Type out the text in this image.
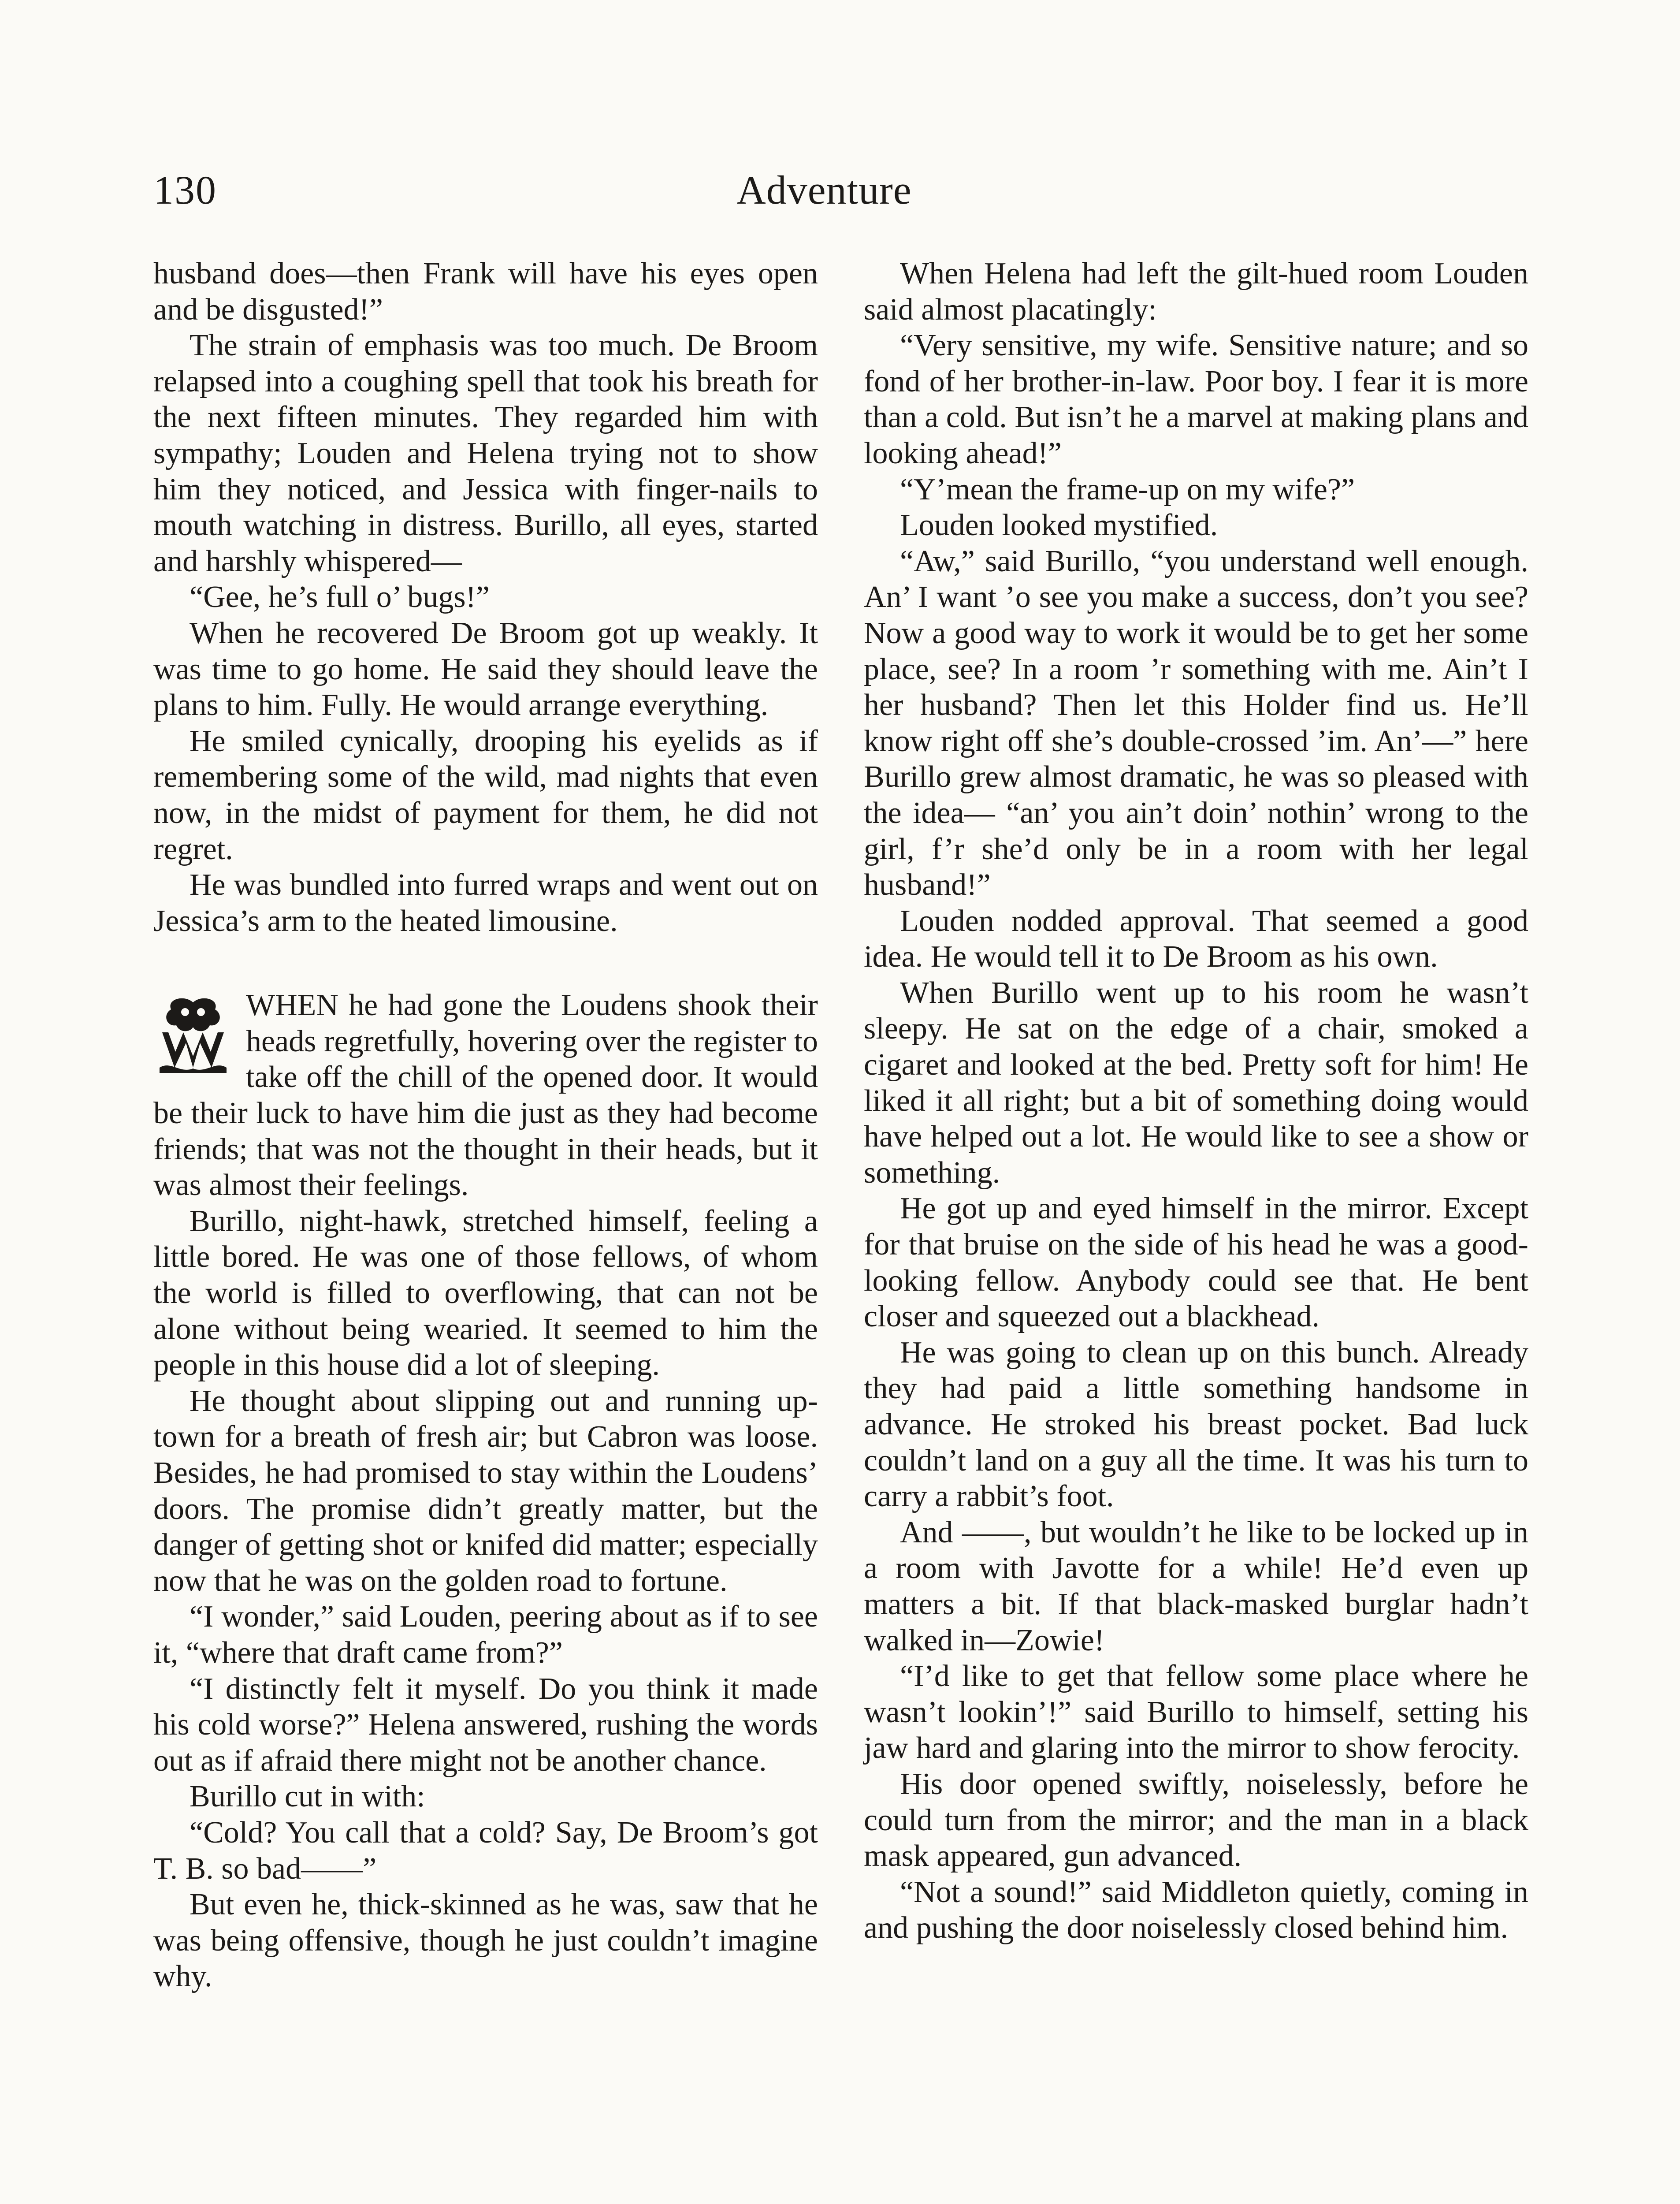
130	Adventure

husband does—then Frank will have his eyes open and be disgusted!”

The strain of emphasis was too much. De Broom relapsed into a coughing spell that took his breath for the next fifteen minutes. They regarded him with sympathy; Louden and Helena trying not to show him they noticed, and Jessica with finger-nails to mouth watching in distress. Burillo, all eyes, started and harshly whispered—

“Gee, he’s full o’ bugs!”

When he recovered De Broom got up weakly. It was time to go home. He said they should leave the plans to him. Fully. He would arrange everything.

He smiled cynically, drooping his eyelids as if remembering some of the wild, mad nights that even now, in the midst of payment for them, he did not regret.

He was bundled into furred wraps and went out on Jessica’s arm to the heated limousine.

WHEN he had gone the Loudens shook their heads regretfully, hovering over the register to take off the chill of the opened door. It would be their luck to have him die just as they had become friends; that was not the thought in their heads, but it was almost their feelings.

Burillo, night-hawk, stretched himself, feeling a little bored. He was one of those fellows, of whom the world is filled to overflowing, that can not be alone without being wearied. It seemed to him the people in this house did a lot of sleeping.

He thought about slipping out and running up-town for a breath of fresh air; but Cabron was loose. Besides, he had promised to stay within the Loudens’ doors. The promise didn’t greatly matter, but the danger of getting shot or knifed did matter; especially now that he was on the golden road to fortune.

“I wonder,” said Louden, peering about as if to see it, “where that draft came from?”

“I distinctly felt it myself. Do you think it made his cold worse?” Helena answered, rushing the words out as if afraid there might not be another chance.

Burillo cut in with:

“Cold? You call that a cold? Say, De Broom’s got T. B. so bad——”

But even he, thick-skinned as he was, saw that he was being offensive, though he just couldn’t imagine why.

When Helena had left the gilt-hued room Louden said almost placatingly:

“Very sensitive, my wife. Sensitive nature; and so fond of her brother-in-law. Poor boy. I fear it is more than a cold. But isn’t he a marvel at making plans and looking ahead!”

“Y’mean the frame-up on my wife?”

Louden looked mystified.

“Aw,” said Burillo, “you understand well enough. An’ I want ’o see you make a success, don’t you see? Now a good way to work it would be to get her some place, see? In a room ’r something with me. Ain’t I her husband? Then let this Holder find us. He’ll know right off she’s double-crossed ’im. An’—” here Burillo grew almost dramatic, he was so pleased with the idea— “an’ you ain’t doin’ nothin’ wrong to the girl, f’r she’d only be in a room with her legal husband!”

Louden nodded approval. That seemed a good idea. He would tell it to De Broom as his own.

When Burillo went up to his room he wasn’t sleepy. He sat on the edge of a chair, smoked a cigaret and looked at the bed. Pretty soft for him! He liked it all right; but a bit of something doing would have helped out a lot. He would like to see a show or something.

He got up and eyed himself in the mirror. Except for that bruise on the side of his head he was a good-looking fellow. Anybody could see that. He bent closer and squeezed out a blackhead.

He was going to clean up on this bunch. Already they had paid a little something handsome in advance. He stroked his breast pocket. Bad luck couldn’t land on a guy all the time. It was his turn to carry a rabbit’s foot.

And ——, but wouldn’t he like to be locked up in a room with Javotte for a while! He’d even up matters a bit. If that black-masked burglar hadn’t walked in—Zowie!

“I’d like to get that fellow some place where he wasn’t lookin’!” said Burillo to himself, setting his jaw hard and glaring into the mirror to show ferocity.

His door opened swiftly, noiselessly, before he could turn from the mirror; and the man in a black mask appeared, gun advanced.

“Not a sound!” said Middleton quietly, coming in and pushing the door noiselessly closed behind him.
